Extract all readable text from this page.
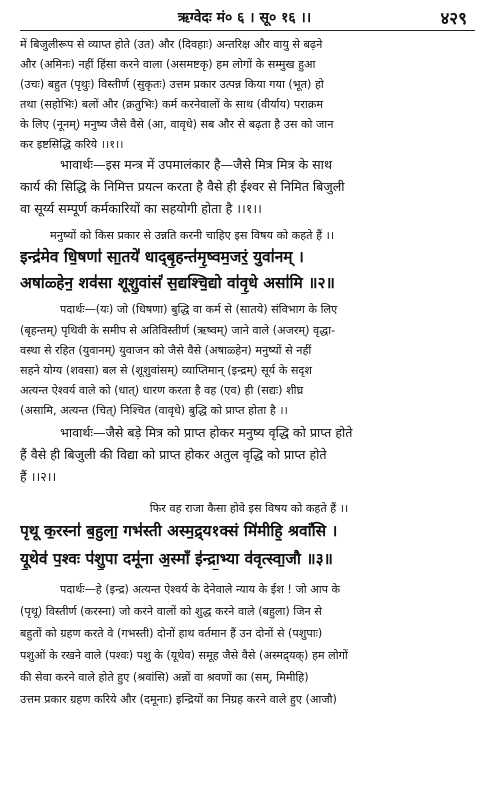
ऋग्वेदः मं० ६ । सू० १६ ।।	४२९
में बिजुलीरूप से व्याप्त होते (उत) और (दिवहाः) अन्तरिक्ष और वायु से बढ़ने
और (अमिनः) नहीं हिंसा करने वाला (असमष्टकृ) हम लोगों के सम्मुख हुआ
(उचः) बहुत (पृथुः) विस्तीर्ण (सुकृतः) उत्तम प्रकार उत्पन्न किया गया (भूत) हो
तथा (सहोभिः) बलों और (क्रतुभिः) कर्म करनेवालों के साथ (वीर्याय) पराक्रम
के लिए (नूनम्) मनुष्य जैसे वैसे (आ, वावृधे) सब और से बढ़ता है उस को जान
कर इष्टसिद्धि करिये ।।१।।
भावार्थः—इस मन्त्र में उपमालंकार है—जैसे मित्र मित्र के साथ
कार्य की सिद्धि के निमित्त प्रयत्न करता है वैसे ही ईश्वर से निमित बिजुली
वा सूर्य्य सम्पूर्ण कर्मकारियों का सहयोगी होता है ।।१।।
मनुष्यों को किस प्रकार से उन्नति करनी चाहिए इस विषय को कहते हैं ।।
इन्द्र॑मेव धि॒षणा॑ सा॒तये॑ धाद्बृ॒हन्त॑मृ॒ष्वम॒जरं॒ युवा॑नम् ।
अषा॑ळ्हेन॒ शव॑सा शूशु॒वांसं॑ स॒द्यश्चि॒द्यो वा॑वृ॒धे असा॑मि ॥२॥
पदार्थः—(यः) जो (धिषणा) बुद्धि वा कर्म से (सातये) संविभाग के लिए
(बृहन्तम्) पृथिवी के समीप से अतिविस्तीर्ण (ऋष्वम्) जाने वाले (अजरम्) वृद्धा-
वस्था से रहित (युवानम्) युवाजन को जैसे वैसे (अषाळ्हेन) मनुष्यों से नहीं
सहने योग्य (शवसा) बल से (शूशुवांसम्) व्याप्तिमान् (इन्द्रम्) सूर्य के सदृश
अत्यन्त ऐश्वर्य वाले को (धात्) धारण करता है वह (एव) ही (सद्यः) शीघ्र
(असामि, अत्यन्त (चित्) निश्चित (वावृधे) बुद्धि को प्राप्त होता है ।।
भावार्थः—जैसे बड़े मित्र को प्राप्त होकर मनुष्य वृद्धि को प्राप्त होते
हैं वैसे ही बिजुली की विद्या को प्राप्त होकर अतुल वृद्धि को प्राप्त होते
हैं ।।२।।
फिर वह राजा कैसा होवे इस विषय को कहते हैं ।।
पृथू क॒रस्ना॑ ब॒हुला॒ गभ॑स्ती अस्म॒द्र्य१क्सं मि॑मीहि॒ श्रवां॑सि ।
यू॒थेव॑ प॒श्वः प॑शु॒पा दमू॑ना अ॒स्माँ इ॑न्द्रा॒भ्या व॑वृत्स्वा॒जौ ॥३॥
पदार्थः—हे (इन्द्र) अत्यन्त ऐश्वर्य के देनेवाले न्याय के ईश ! जो आप के
(पृथू) विस्तीर्ण (करस्ना) जो करने वालों को शुद्ध करने वाले (बहुला) जिन से
बहुतों को ग्रहण करते वे (गभस्ती) दोनों हाथ वर्तमान हैं उन दोनों से (पशुपाः)
पशुओं के रखने वाले (पश्वः) पशु के (यूथेव) समूह जैसे वैसे (अस्मद्र्यक्) हम लोगों
की सेवा करने वाले होते हुए (श्रवांसि) अन्नों वा श्रवणों का (सम्, मिमीहि)
उत्तम प्रकार ग्रहण करिये और (दमूनाः) इन्द्रियों का निग्रह करने वाले हुए (आजौ)
